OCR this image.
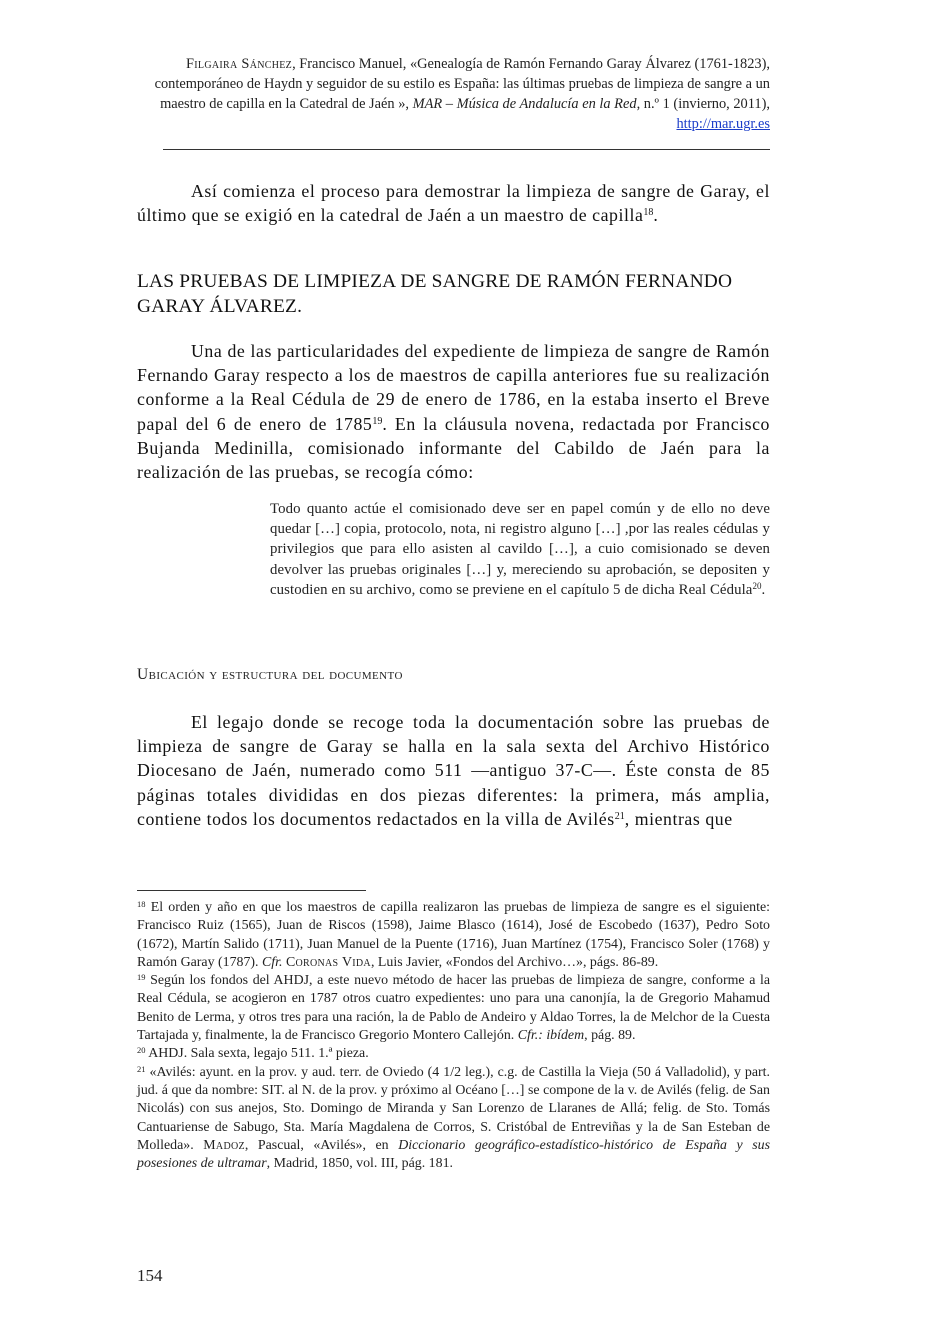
Filgaira Sánchez, Francisco Manuel, «Genealogía de Ramón Fernando Garay Álvarez (1761-1823), contemporáneo de Haydn y seguidor de su estilo es España: las últimas pruebas de limpieza de sangre a un maestro de capilla en la Catedral de Jaén », MAR – Música de Andalucía en la Red, n.º 1 (invierno, 2011), http://mar.ugr.es
Así comienza el proceso para demostrar la limpieza de sangre de Garay, el último que se exigió en la catedral de Jaén a un maestro de capilla$^{18}$.
LAS PRUEBAS DE LIMPIEZA DE SANGRE DE RAMÓN FERNANDO GARAY ÁLVAREZ.
Una de las particularidades del expediente de limpieza de sangre de Ramón Fernando Garay respecto a los de maestros de capilla anteriores fue su realización conforme a la Real Cédula de 29 de enero de 1786, en la estaba inserto el Breve papal del 6 de enero de 1785$^{19}$. En la cláusula novena, redactada por Francisco Bujanda Medinilla, comisionado informante del Cabildo de Jaén para la realización de las pruebas, se recogía cómo:
Todo quanto actúe el comisionado deve ser en papel común y de ello no deve quedar […] copia, protocolo, nota, ni registro alguno […] ,por las reales cédulas y privilegios que para ello asisten al cavildo […], a cuio comisionado se deven devolver las pruebas originales […] y, mereciendo su aprobación, se depositen y custodien en su archivo, como se previene en el capítulo 5 de dicha Real Cédula$^{20}$.
Ubicación y estructura del documento
El legajo donde se recoge toda la documentación sobre las pruebas de limpieza de sangre de Garay se halla en la sala sexta del Archivo Histórico Diocesano de Jaén, numerado como 511 —antiguo 37-C—. Éste consta de 85 páginas totales divididas en dos piezas diferentes: la primera, más amplia, contiene todos los documentos redactados en la villa de Avilés$^{21}$, mientras que

$^{18}$ El orden y año en que los maestros de capilla realizaron las pruebas de limpieza de sangre es el siguiente: Francisco Ruiz (1565), Juan de Riscos (1598), Jaime Blasco (1614), José de Escobedo (1637), Pedro Soto (1672), Martín Salido (1711), Juan Manuel de la Puente (1716), Juan Martínez (1754), Francisco Soler (1768) y Ramón Garay (1787). Cfr. Coronas Vida, Luis Javier, «Fondos del Archivo…», págs. 86-89.

$^{19}$ Según los fondos del AHDJ, a este nuevo método de hacer las pruebas de limpieza de sangre, conforme a la Real Cédula, se acogieron en 1787 otros cuatro expedientes: uno para una canonjía, la de Gregorio Mahamud Benito de Lerma, y otros tres para una ración, la de Pablo de Andeiro y Aldao Torres, la de Melchor de la Cuesta Tartajada y, finalmente, la de Francisco Gregorio Montero Callejón. Cfr.: ibídem, pág. 89.

$^{20}$ AHDJ. Sala sexta, legajo 511. 1.ª pieza.

$^{21}$ «Avilés: ayunt. en la prov. y aud. terr. de Oviedo (4 1/2 leg.), c.g. de Castilla la Vieja (50 á Valladolid), y part. jud. á que da nombre: SIT. al N. de la prov. y próximo al Océano […] se compone de la v. de Avilés (felig. de San Nicolás) con sus anejos, Sto. Domingo de Miranda y San Lorenzo de Llaranes de Allá; felig. de Sto. Tomás Cantuariense de Sabugo, Sta. María Magdalena de Corros, S. Cristóbal de Entreviñas y la de San Esteban de Molleda». Madoz, Pascual, «Avilés», en Diccionario geográfico-estadístico-histórico de España y sus posesiones de ultramar, Madrid, 1850, vol. III, pág. 181.

154
